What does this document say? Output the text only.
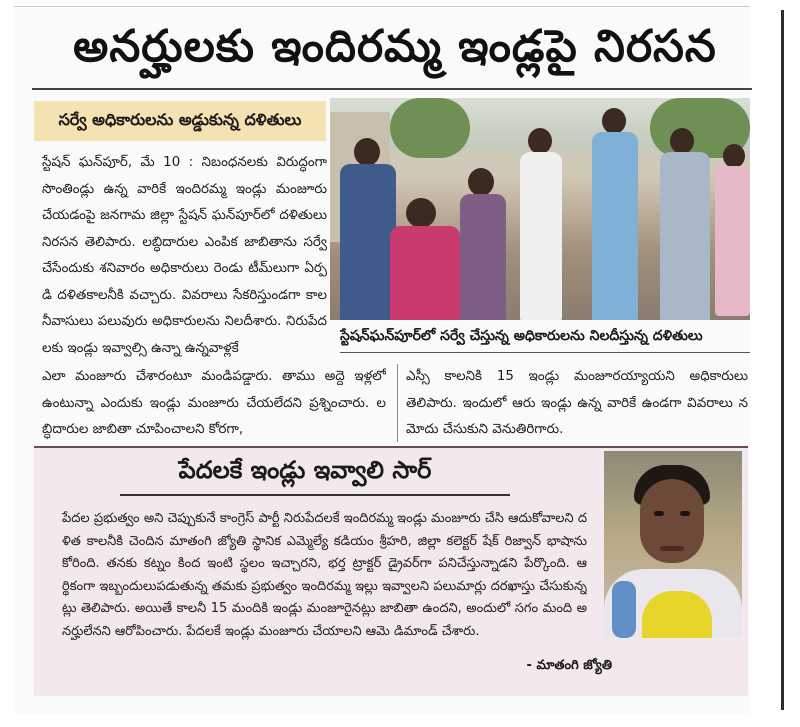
అనర్హులకు ఇందిరమ్మ ఇండ్లపై నిరసన
సర్వే అధికారులను అడ్డుకున్న దళితులు
స్టేషన్ ఘన్‌పూర్, మే 10 : నిబంధనలకు విరుద్ధంగా సొంతిండ్లు ఉన్న వారికే ఇందిరమ్మ ఇండ్లు మంజూరు చేయడంపై జనగామ జిల్లా స్టేషన్ ఘన్‌పూర్‌లో దళితులు నిరసన తెలిపారు. లబ్ధిదారుల ఎంపిక జాబితాను సర్వే చేసేందుకు శనివారం అధికారులు రెండు టీమ్‌లుగా ఏర్పడి దళితకాలనీకి వచ్చారు. వివరాలు సేకరిస్తుండగా కాలనీవాసులు పలువురు అధికారులను నిలదీశారు. నిరుపేదలకు ఇండ్లు ఇవ్వాల్సి ఉన్నా ఉన్నవాళ్లకే
స్టేషన్‌ఘన్‌పూర్‌లో సర్వే చేస్తున్న అధికారులను నిలదీస్తున్న దళితులు
ఎలా మంజూరు చేశారంటూ మండిపడ్డారు. తాము అద్దె ఇళ్లలో ఉంటున్నా ఎందుకు ఇండ్లు మంజూరు చేయలేదని ప్రశ్నించారు. లబ్ధిదారుల జాబితా చూపించాలని కోరగా,
ఎస్సీ కాలనికి 15 ఇండ్లు మంజూరయ్యాయని అధికారులు తెలిపారు. ఇందులో ఆరు ఇండ్లు ఉన్న వారికే ఉండగా వివరాలు నమోదు చేసుకుని వెనుతిరిగారు.
పేదలకే ఇండ్లు ఇవ్వాలి సార్
పేదల ప్రభుత్వం అని చెప్పుకునే కాంగ్రెస్ పార్టీ నిరుపేదలకే ఇందిరమ్మ ఇండ్లు మంజూరు చేసి ఆదుకోవాలని దళిత కాలనీకి చెందిన మాతంగి జ్యోతి స్థానిక ఎమ్మెల్యే కడియం శ్రీహరి, జిల్లా కలెక్టర్ షేక్ రిజ్వాన్ భాషాను కోరింది. తనకు కట్నం కింద ఇంటి స్థలం ఇచ్చారని, భర్త ట్రాక్టర్ డ్రైవర్‌గా పనిచేస్తున్నాడని పేర్కొంది. ఆర్థికంగా ఇబ్బందులుపడుతున్న తమకు ప్రభుత్వం ఇందిరమ్మ ఇల్లు ఇవ్వాలని పలుమార్లు దరఖాస్తు చేసుకున్నట్లు తెలిపారు. అయితే కాలనీ 15 మందికి ఇండ్లు మంజూరైనట్లు జాబితా ఉందని, అందులో సగం మంది అనర్హులేనని ఆరోపించారు. పేదలకే ఇండ్లు మంజూరు చేయాలని ఆమె డిమాండ్ చేశారు.
- మాతంగి జ్యోతి
